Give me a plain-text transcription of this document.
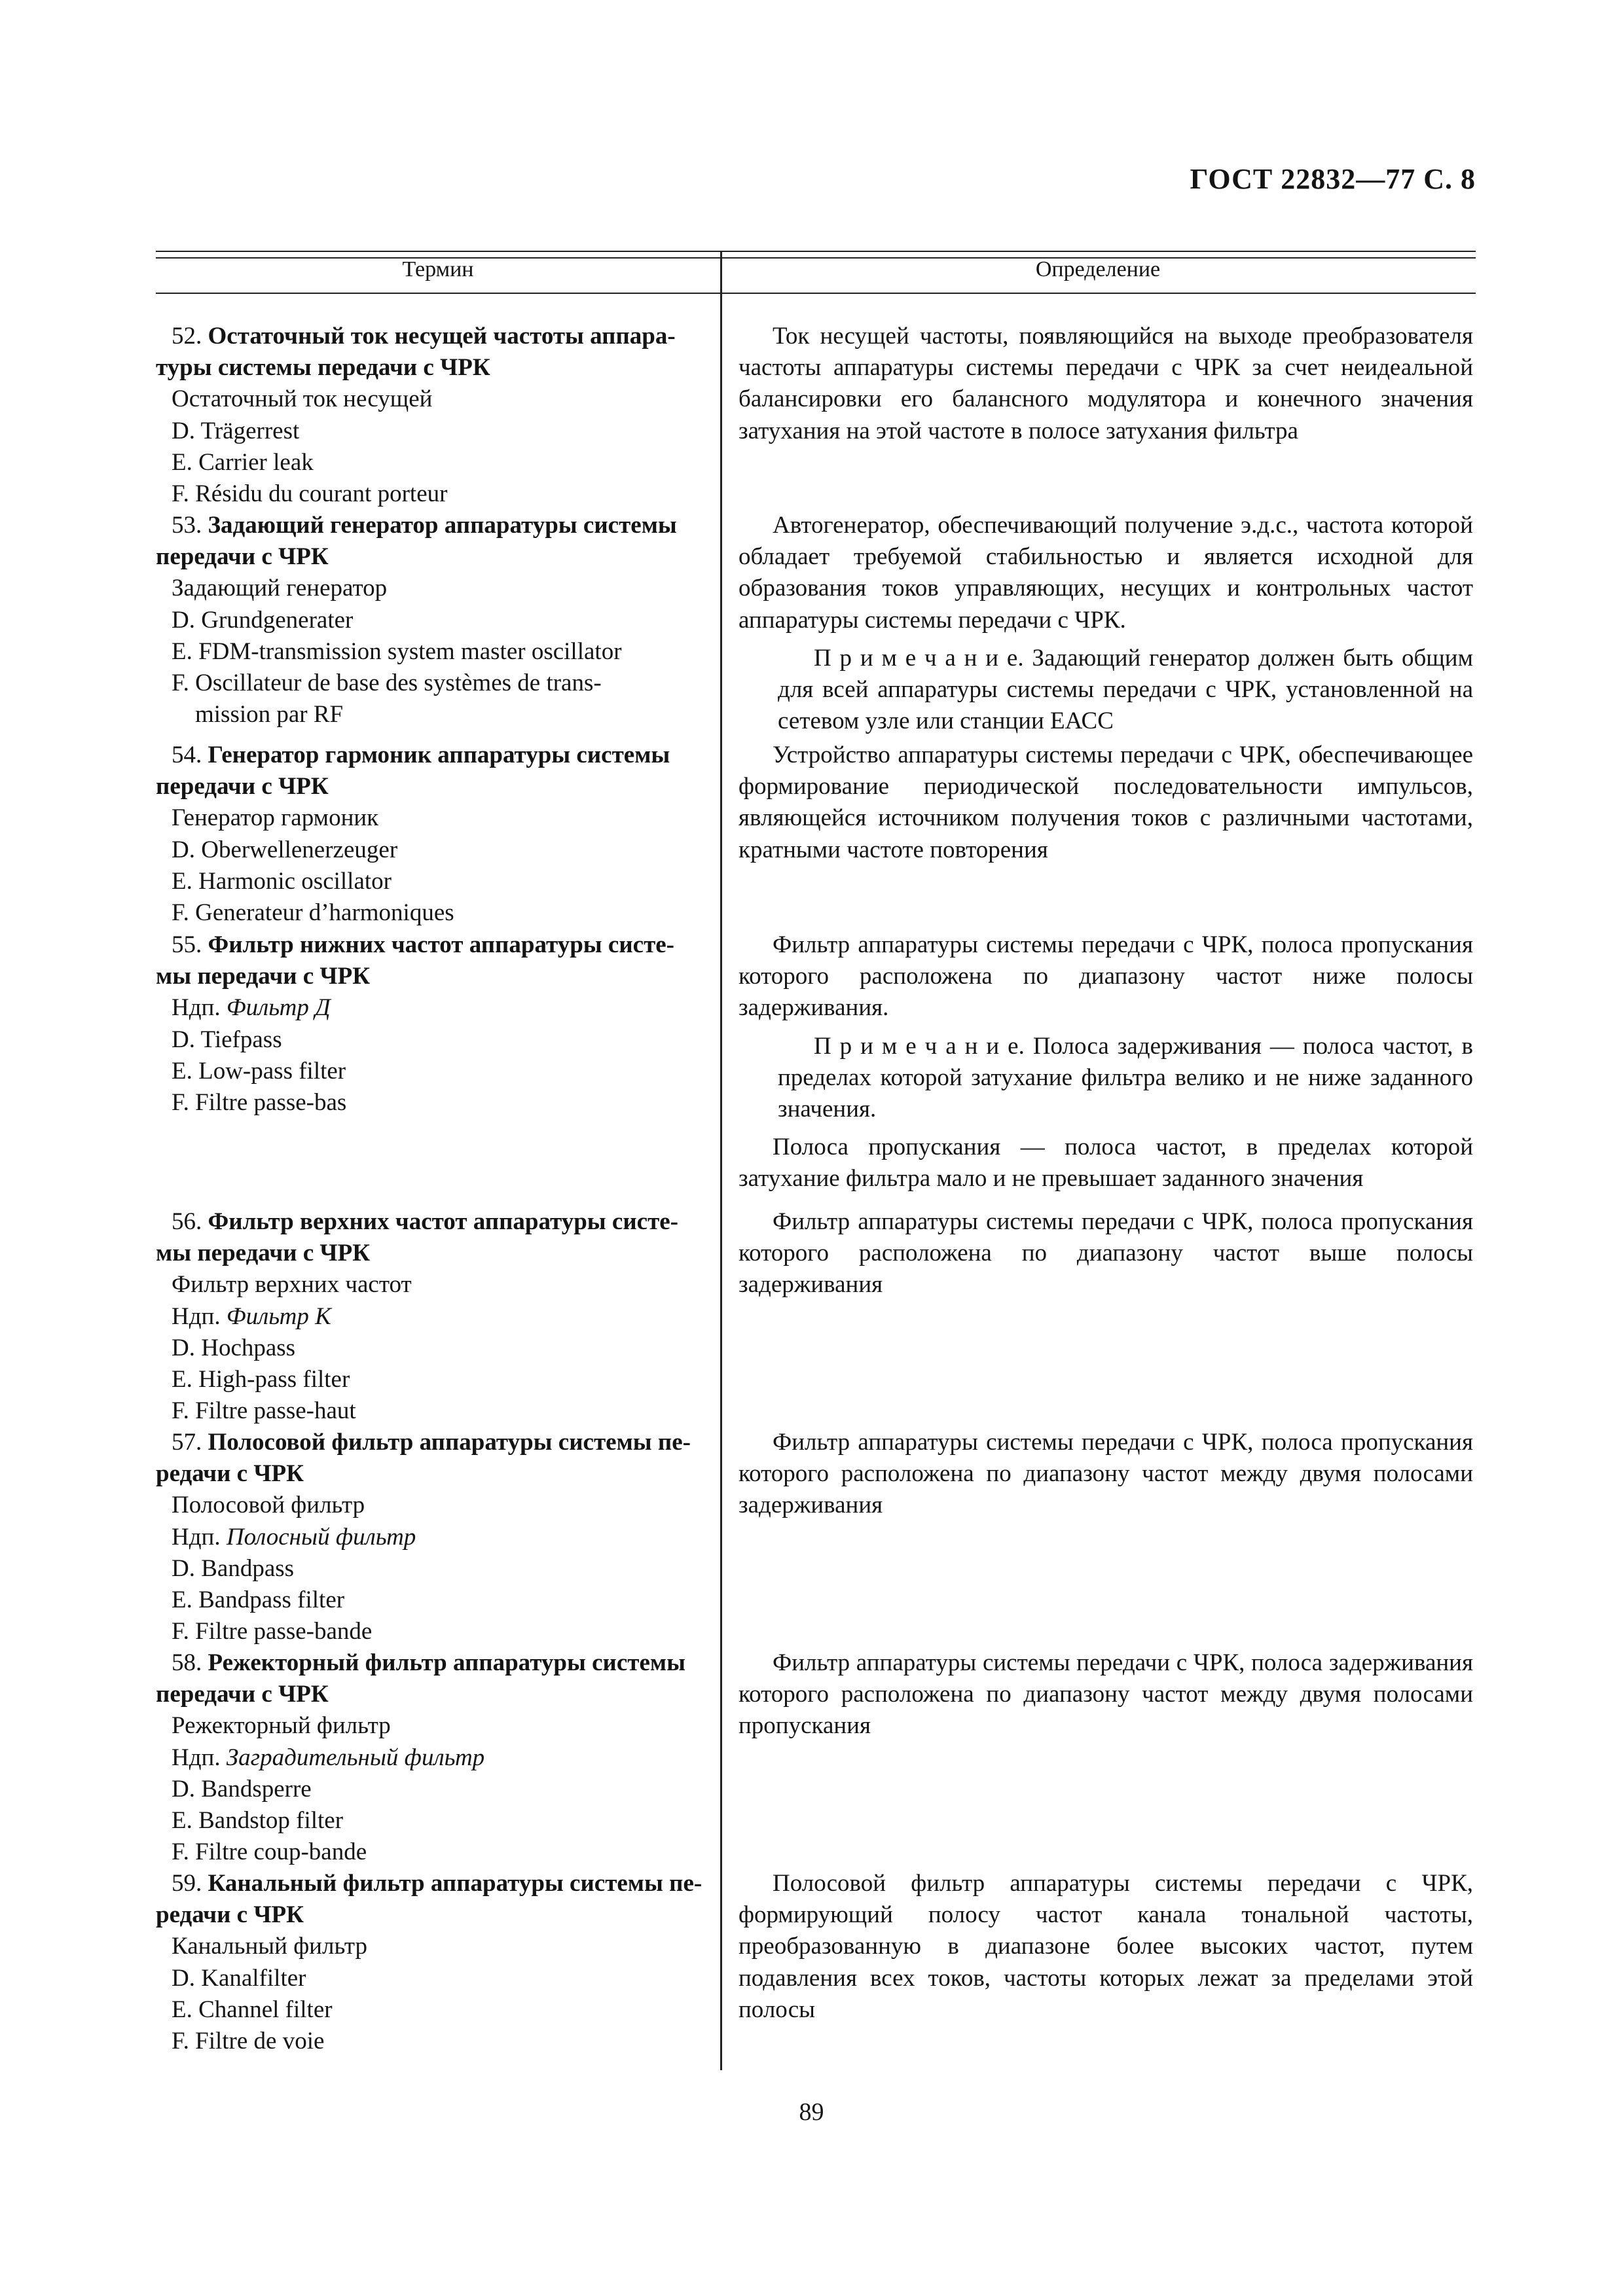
ГОСТ 22832—77 С. 8
Термин	Определение
52. Остаточный ток несущей частоты аппара-
туры системы передачи с ЧРК
Остаточный ток несущей
D. Trägerrest
E. Carrier leak
F. Résidu du courant porteur

Ток несущей частоты, появляющийся на выходе преобразователя частоты аппаратуры системы передачи с ЧРК за счет неидеальной балансировки его балансного модулятора и конечного значения затухания на этой частоте в полосе затухания фильтра

53. Задающий генератор аппаратуры системы
передачи с ЧРК
Задающий генератор
D. Grundgenerater
E. FDM-transmission system master oscillator
F. Oscillateur de base des systèmes de trans-
mission par RF

Автогенератор, обеспечивающий получение э.д.с., частота которой обладает требуемой стабильностью и является исходной для образования токов управляющих, несущих и контрольных частот аппаратуры системы передачи с ЧРК.

П р и м е ч а н и е. Задающий генератор должен быть общим для всей аппаратуры системы передачи с ЧРК, установленной на сетевом узле или станции ЕАСС

54. Генератор гармоник аппаратуры системы
передачи с ЧРК
Генератор гармоник
D. Oberwellenerzeuger
E. Harmonic oscillator
F. Generateur d’harmoniques

Устройство аппаратуры системы передачи с ЧРК, обеспечивающее формирование периодической последовательности импульсов, являющейся источником получения токов с различными частотами, кратными частоте повторения

55. Фильтр нижних частот аппаратуры систе-
мы передачи с ЧРК
Ндп. Фильтр Д
D. Tiefpass
E. Low-pass filter
F. Filtre passe-bas

Фильтр аппаратуры системы передачи с ЧРК, полоса пропускания которого расположена по диапазону частот ниже полосы задерживания.

П р и м е ч а н и е. Полоса задерживания — полоса частот, в пределах которой затухание фильтра велико и не ниже заданного значения.

Полоса пропускания — полоса частот, в пределах которой затухание фильтра мало и не превышает заданного значения

56. Фильтр верхних частот аппаратуры систе-
мы передачи с ЧРК
Фильтр верхних частот
Ндп. Фильтр К
D. Hochpass
E. High-pass filter
F. Filtre passe-haut

Фильтр аппаратуры системы передачи с ЧРК, полоса пропускания которого расположена по диапазону частот выше полосы задерживания

57. Полосовой фильтр аппаратуры системы пе-
редачи с ЧРК
Полосовой фильтр
Ндп. Полосный фильтр
D. Bandpass
E. Bandpass filter
F. Filtre passe-bande

Фильтр аппаратуры системы передачи с ЧРК, полоса пропускания которого расположена по диапазону частот между двумя полосами задерживания

58. Режекторный фильтр аппаратуры системы
передачи с ЧРК
Режекторный фильтр
Ндп. Заградительный фильтр
D. Bandsperre
E. Bandstop filter
F. Filtre coup-bande

Фильтр аппаратуры системы передачи с ЧРК, полоса задерживания которого расположена по диапазону частот между двумя полосами пропускания

59. Канальный фильтр аппаратуры системы пе-
редачи с ЧРК
Канальный фильтр
D. Kanalfilter
E. Channel filter
F. Filtre de voie

Полосовой фильтр аппаратуры системы передачи с ЧРК, формирующий полосу частот канала тональной частоты, преобразованную в диапазоне более высоких частот, путем подавления всех токов, частоты которых лежат за пределами этой полосы

89
